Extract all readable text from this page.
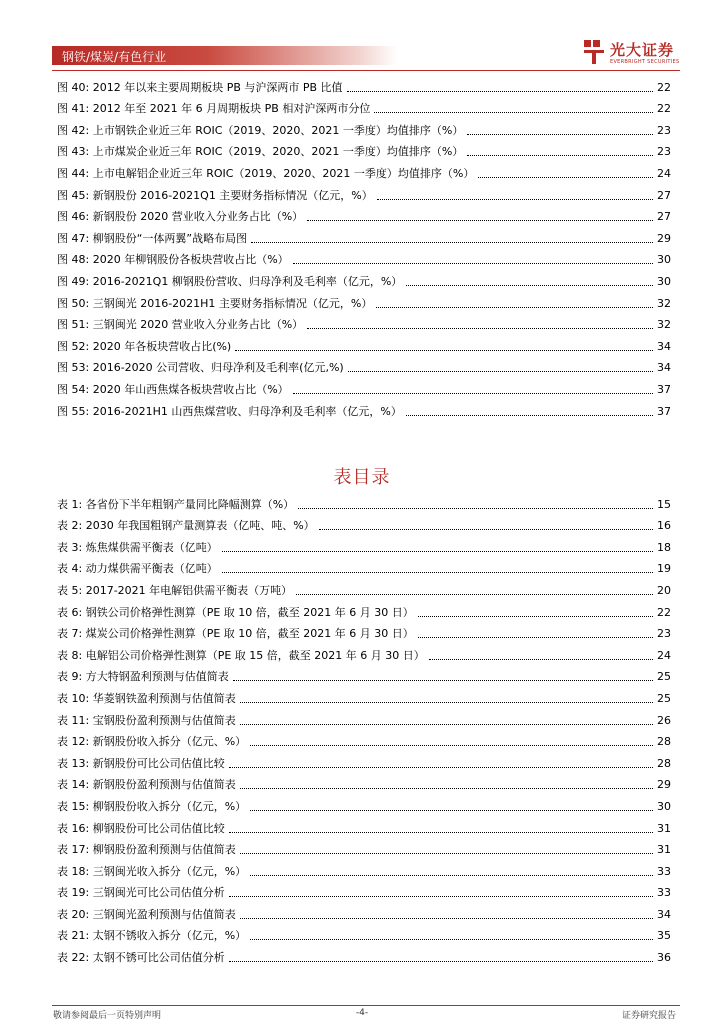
钢铁/煤炭/有色行业	光大证券
EVERBRIGHT SECURITIES
图 40: 2012 年以来主要周期板块 PB 与沪深两市 PB 比值	22
图 41: 2012 年至 2021 年 6 月周期板块 PB 相对沪深两市分位	22
图 42: 上市钢铁企业近三年 ROIC（2019、2020、2021 一季度）均值排序（%）	23
图 43: 上市煤炭企业近三年 ROIC（2019、2020、2021 一季度）均值排序（%）	23
图 44: 上市电解铝企业近三年 ROIC（2019、2020、2021 一季度）均值排序（%）	24
图 45: 新钢股份 2016-2021Q1 主要财务指标情况（亿元，%）	27
图 46: 新钢股份 2020 营业收入分业务占比（%）	27
图 47: 柳钢股份“一体两翼”战略布局图	29
图 48: 2020 年柳钢股份各板块营收占比（%）	30
图 49: 2016-2021Q1 柳钢股份营收、归母净利及毛利率（亿元，%）	30
图 50: 三钢闽光 2016-2021H1 主要财务指标情况（亿元，%）	32
图 51: 三钢闽光 2020 营业收入分业务占比（%）	32
图 52: 2020 年各板块营收占比(%)	34
图 53: 2016-2020 公司营收、归母净利及毛利率(亿元,%)	34
图 54: 2020 年山西焦煤各板块营收占比（%）	37
图 55: 2016-2021H1 山西焦煤营收、归母净利及毛利率（亿元，%）	37
表目录
表 1: 各省份下半年粗钢产量同比降幅测算（%）	15
表 2: 2030 年我国粗钢产量测算表（亿吨、吨、%）	16
表 3: 炼焦煤供需平衡表（亿吨）	18
表 4: 动力煤供需平衡表（亿吨）	19
表 5: 2017-2021 年电解铝供需平衡表（万吨）	20
表 6: 钢铁公司价格弹性测算（PE 取 10 倍，截至 2021 年 6 月 30 日）	22
表 7: 煤炭公司价格弹性测算（PE 取 10 倍，截至 2021 年 6 月 30 日）	23
表 8: 电解铝公司价格弹性测算（PE 取 15 倍，截至 2021 年 6 月 30 日）	24
表 9: 方大特钢盈利预测与估值简表	25
表 10: 华菱钢铁盈利预测与估值简表	25
表 11: 宝钢股份盈利预测与估值简表	26
表 12: 新钢股份收入拆分（亿元、%）	28
表 13: 新钢股份可比公司估值比较	28
表 14: 新钢股份盈利预测与估值简表	29
表 15: 柳钢股份收入拆分（亿元，%）	30
表 16: 柳钢股份可比公司估值比较	31
表 17: 柳钢股份盈利预测与估值简表	31
表 18: 三钢闽光收入拆分（亿元，%）	33
表 19: 三钢闽光可比公司估值分析	33
表 20: 三钢闽光盈利预测与估值简表	34
表 21: 太钢不锈收入拆分（亿元，%）	35
表 22: 太钢不锈可比公司估值分析	36
敬请参阅最后一页特别声明	-4-	证券研究报告
